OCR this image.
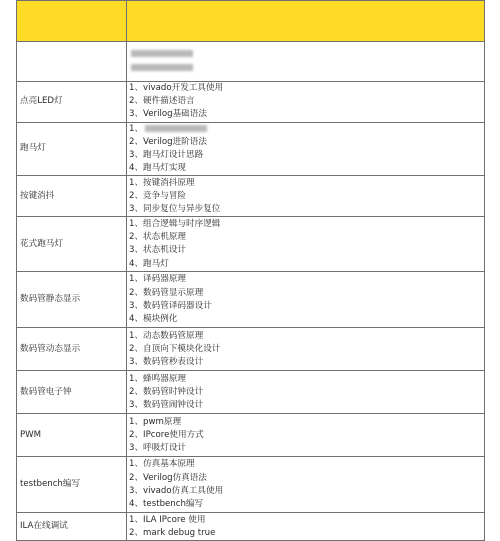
点亮LED灯	1、vivado开发工具使用
2、硬件描述语言
3、Verilog基础语法

跑马灯	1、
2、Verilog进阶语法
3、跑马灯设计思路
4、跑马灯实现

按键消抖	1、按键消抖原理
2、竞争与冒险
3、同步复位与异步复位

花式跑马灯	1、组合逻辑与时序逻辑
2、状态机原理
3、状态机设计
4、跑马灯

数码管静态显示	1、译码器原理
2、数码管显示原理
3、数码管译码器设计
4、模块例化

数码管动态显示	1、动态数码管原理
2、自顶向下模块化设计
3、数码管秒表设计

数码管电子钟	1、蜂鸣器原理
2、数码管时钟设计
3、数码管闹钟设计

PWM	1、pwm原理
2、IPcore使用方式
3、呼吸灯设计

testbench编写	1、仿真基本原理
2、Verilog仿真语法
3、vivado仿真工具使用
4、testbench编写

ILA在线调试	1、ILA IPcore 使用
2、mark debug true
